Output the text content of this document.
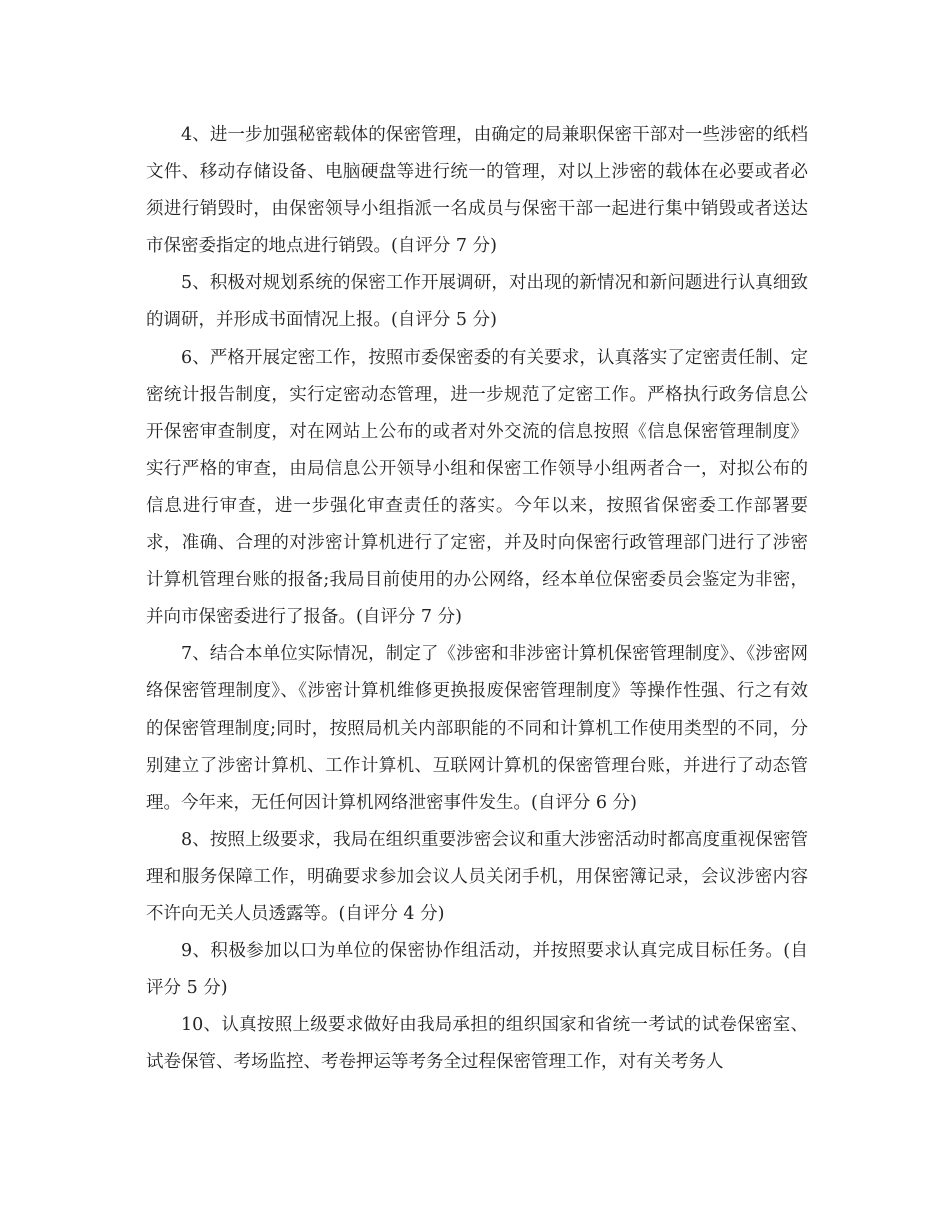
4、进一步加强秘密载体的保密管理，由确定的局兼职保密干部对一些涉密的纸档文件、移动存储设备、电脑硬盘等进行统一的管理，对以上涉密的载体在必要或者必须进行销毁时，由保密领导小组指派一名成员与保密干部一起进行集中销毁或者送达市保密委指定的地点进行销毁。(自评分 7 分)

5、积极对规划系统的保密工作开展调研，对出现的新情况和新问题进行认真细致的调研，并形成书面情况上报。(自评分 5 分)

6、严格开展定密工作，按照市委保密委的有关要求，认真落实了定密责任制、定密统计报告制度，实行定密动态管理，进一步规范了定密工作。严格执行政务信息公开保密审查制度，对在网站上公布的或者对外交流的信息按照《信息保密管理制度》实行严格的审查，由局信息公开领导小组和保密工作领导小组两者合一，对拟公布的信息进行审查，进一步强化审查责任的落实。今年以来，按照省保密委工作部署要求，准确、合理的对涉密计算机进行了定密，并及时向保密行政管理部门进行了涉密计算机管理台账的报备;我局目前使用的办公网络，经本单位保密委员会鉴定为非密，并向市保密委进行了报备。(自评分 7 分)

7、结合本单位实际情况，制定了《涉密和非涉密计算机保密管理制度》、《涉密网络保密管理制度》、《涉密计算机维修更换报废保密管理制度》等操作性强、行之有效的保密管理制度;同时，按照局机关内部职能的不同和计算机工作使用类型的不同，分别建立了涉密计算机、工作计算机、互联网计算机的保密管理台账，并进行了动态管理。今年来，无任何因计算机网络泄密事件发生。(自评分 6 分)

8、按照上级要求，我局在组织重要涉密会议和重大涉密活动时都高度重视保密管理和服务保障工作，明确要求参加会议人员关闭手机，用保密簿记录，会议涉密内容不许向无关人员透露等。(自评分 4 分)

9、积极参加以口为单位的保密协作组活动，并按照要求认真完成目标任务。(自评分 5 分)

10、认真按照上级要求做好由我局承担的组织国家和省统一考试的试卷保密室、试卷保管、考场监控、考卷押运等考务全过程保密管理工作，对有关考务人
